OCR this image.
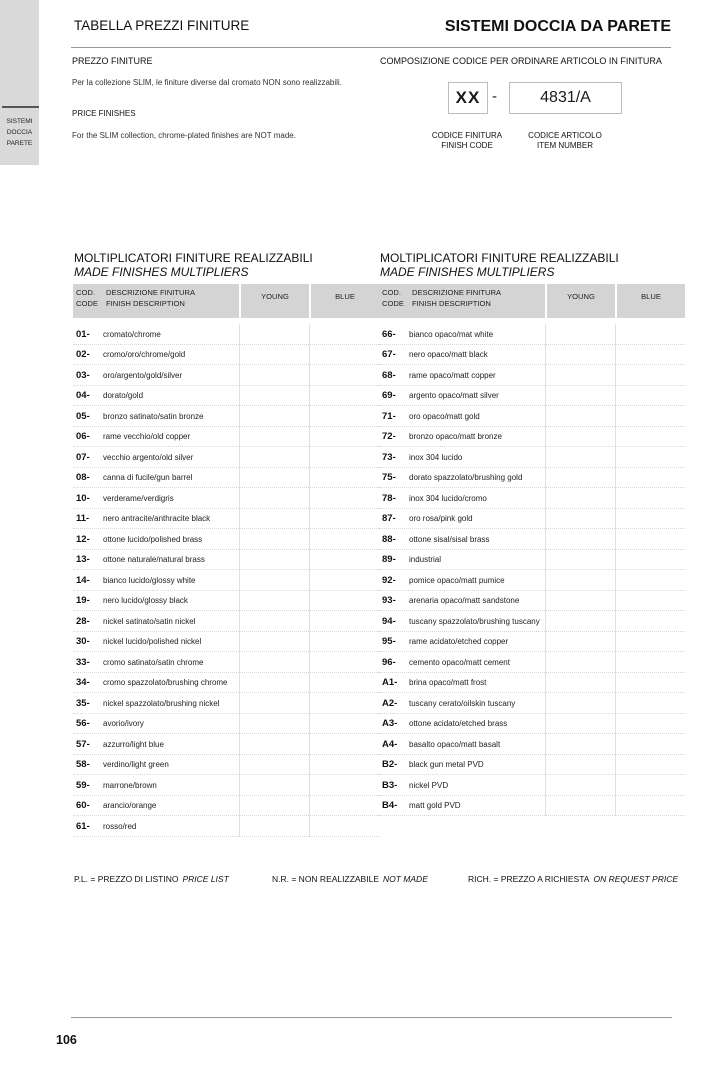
SISTEMI
DOCCIA
PARETE
TABELLA PREZZI FINITURE	SISTEMI DOCCIA DA PARETE
PREZZO FINITURE
Per la collezione SLIM, le finiture diverse dal cromato NON sono realizzabili.
PRICE FINISHES
For the SLIM collection, chrome-plated finishes are NOT made.
COMPOSIZIONE CODICE PER ORDINARE ARTICOLO IN FINITURA
XX -	4831/A
CODICE FINITURA
FINISH CODE
CODICE ARTICOLO
ITEM NUMBER
MOLTIPLICATORI FINITURE REALIZZABILI
MADE FINISHES MULTIPLIERS
MOLTIPLICATORI FINITURE REALIZZABILI
MADE FINISHES MULTIPLIERS
COD.
CODE
DESCRIZIONE FINITURA
FINISH DESCRIPTION
YOUNG	BLUE	COD.
CODE
DESCRIZIONE FINITURA
FINISH DESCRIPTION
YOUNG	BLUE
01-	cromato/chrome
02-	cromo/oro/chrome/gold
03-	oro/argento/gold/silver
04-	dorato/gold
05-	bronzo satinato/satin bronze
06-	rame vecchio/old copper
07-	vecchio argento/old silver
08-	canna di fucile/gun barrel
10-	verderame/verdigris
11-	nero antracite/anthracite black
12-	ottone lucido/polished brass
13-	ottone naturale/natural brass
14-	bianco lucido/glossy white
19-	nero lucido/glossy black
28-	nickel satinato/satin nickel
30-	nickel lucido/polished nickel
33-	cromo satinato/satin chrome
34-	cromo spazzolato/brushing chrome
35-	nickel spazzolato/brushing nickel
56-	avorio/ivory
57-	azzurro/light blue
58-	verdino/light green
59-	marrone/brown
60-	arancio/orange
61-	rosso/red
66-	bianco opaco/mat white
67-	nero opaco/matt black
68-	rame opaco/matt copper
69-	argento opaco/matt silver
71-	oro opaco/matt gold
72-	bronzo opaco/matt bronze
73-	inox 304 lucido
75-	dorato spazzolato/brushing gold
78-	inox 304 lucido/cromo
87-	oro rosa/pink gold
88-	ottone sisal/sisal brass
89-	industrial
92-	pomice opaco/matt pumice
93-	arenaria opaco/matt sandstone
94-	tuscany spazzolato/brushing tuscany
95-	rame acidato/etched copper
96-	cemento opaco/matt cement
A1-	brina opaco/matt frost
A2-	tuscany cerato/oilskin tuscany
A3-	ottone acidato/etched brass
A4-	basalto opaco/matt basalt
B2-	black gun metal PVD
B3-	nickel PVD
B4-	matt gold PVD
P.L. = PREZZO DI LISTINO PRICE LIST	N.R. = NON REALIZZABILE NOT MADE	RICH. = PREZZO A RICHIESTA ON REQUEST PRICE
106
